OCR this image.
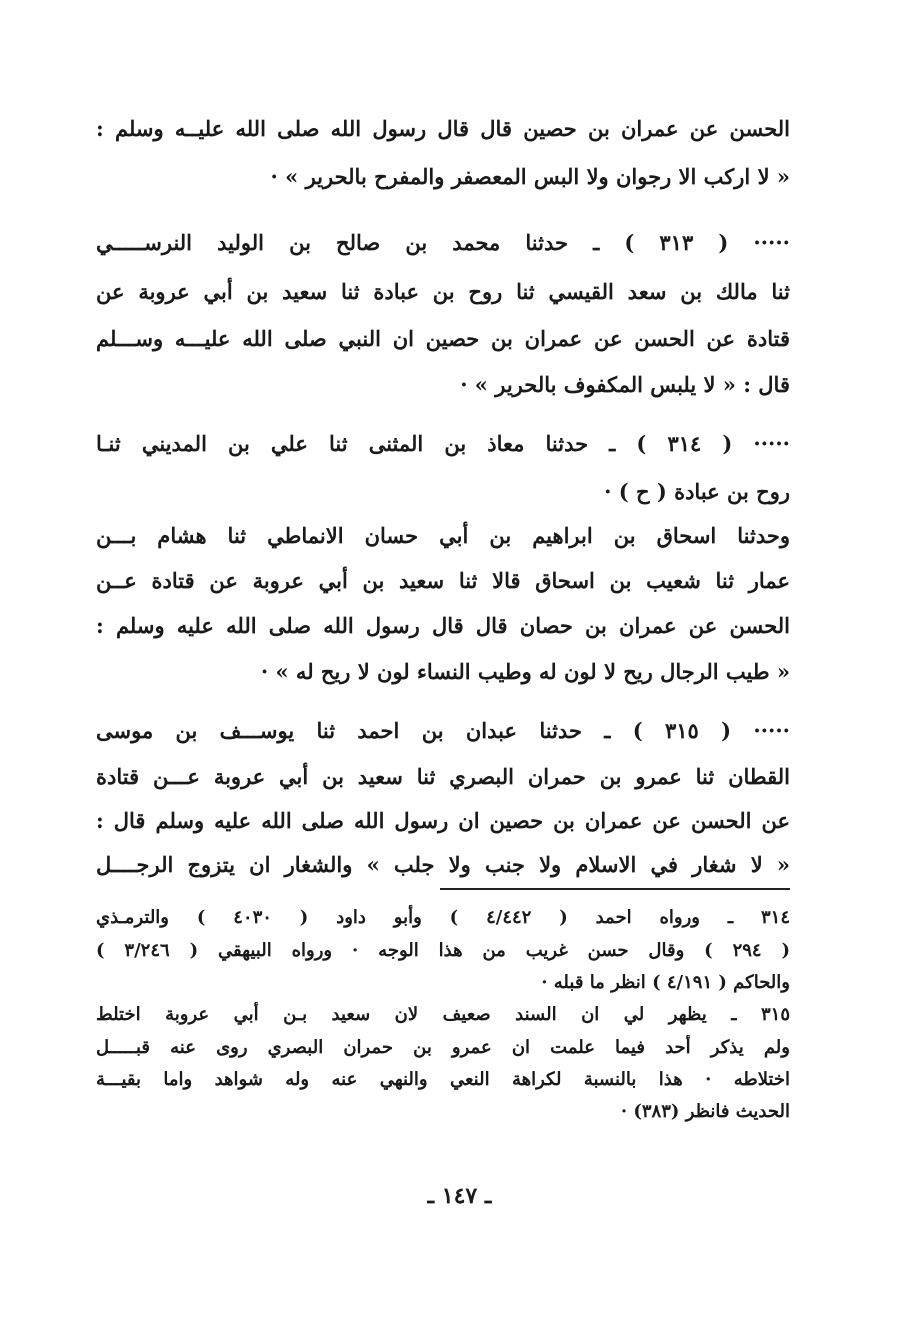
الحسن عن عمران بن حصين قال قال رسول الله صلى الله عليــه وسلم :
« لا اركب الا رجوان ولا البس المعصفر والمفرح بالحرير » ·
····· ( ٣١٣ ) ـ حدثنا محمد بن صالح بن الوليد النرســـــي
ثنا مالك بن سعد القيسي ثنا روح بن عبادة ثنا سعيد بن أبي عروبة عن
قتادة عن الحسن عن عمران بن حصين ان النبي صلى الله عليـــه وســـلم
قال : « لا يلبس المكفوف بالحرير » ·
····· ( ٣١٤ ) ـ حدثنا معاذ بن المثنى ثنا علي بن المديني ثنـا
روح بن عبادة ( ح ) ·
وحدثنا اسحاق بن ابراهيم بن أبي حسان الانماطي ثنا هشام بـــن
عمار ثنا شعيب بن اسحاق قالا ثنا سعيد بن أبي عروبة عن قتادة عــن
الحسن عن عمران بن حصان قال قال رسول الله صلى الله عليه وسلم :
« طيب الرجال ريح لا لون له وطيب النساء لون لا ريح له » ·
····· ( ٣١٥ ) ـ حدثنا عبدان بن احمد ثنا يوســـف بن موسى
القطان ثنا عمرو بن حمران البصري ثنا سعيد بن أبي عروبة عـــن قتادة
عن الحسن عن عمران بن حصين ان رسول الله صلى الله عليه وسلم قال :
« لا شغار في الاسلام ولا جنب ولا جلب » والشغار ان يتزوج الرجــــل
٣١٤ ـ ورواه احمد ( ٤/٤٤٢ ) وأبو داود ( ٤٠٣٠ ) والترمـذي
( ٢٩٤ ) وقال حسن غريب من هذا الوجه · ورواه البيهقي ( ٣/٢٤٦ )
والحاكم ( ٤/١٩١ ) انظر ما قبله ·
٣١٥ ـ يظهر لي ان السند صعيف لان سعيد بـن أبي عروبة اختلط
ولم يذكر أحد فيما علمت ان عمرو بن حمران البصري روى عنه قبـــــل
اختلاطه · هذا بالنسبة لكراهة النعي والنهي عنه وله شواهد واما بقيـــة
الحديث فانظر (٣٨٣) ·
ـ ١٤٧ ـ
